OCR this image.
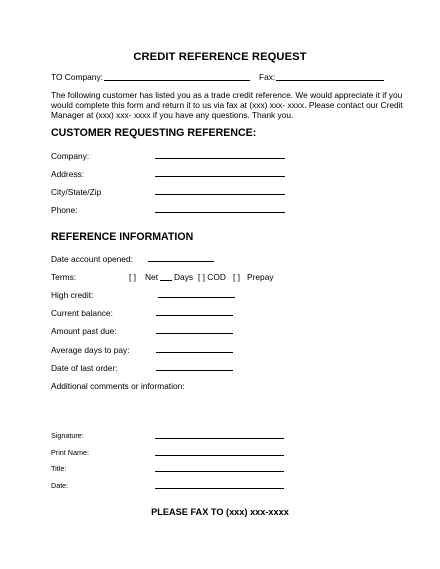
CREDIT REFERENCE REQUEST
TO Company:	Fax:
The following customer has listed you as a trade credit reference. We would appreciate it if you
would complete this form and return it to us via fax at (xxx) xxx- xxxx. Please contact our Credit
Manager at (xxx) xxx- xxxx if you have any questions. Thank you.
CUSTOMER REQUESTING REFERENCE:
Company:
Address:
City/State/Zip
Phone:
REFERENCE INFORMATION
Date account opened:
Terms:	[ ] Net Days [ ] COD [ ] Prepay
High credit:
Current balance:
Amount past due:
Average days to pay:
Date of last order:
Additional comments or information:
Signature:
Print Name:
Title:
Date:
PLEASE FAX TO (xxx) xxx-xxxx
